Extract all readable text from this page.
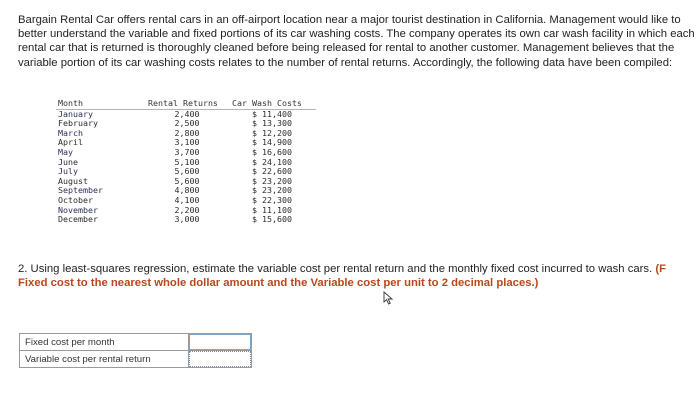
Bargain Rental Car offers rental cars in an off-airport location near a major tourist destination in California. Management would like to better understand the variable and fixed portions of its car washing costs. The company operates its own car wash facility in which each rental car that is returned is thoroughly cleaned before being released for rental to another customer. Management believes that the variable portion of its car washing costs relates to the number of rental returns. Accordingly, the following data have been compiled:
Month	Rental Returns	Car Wash Costs
January	2,400	$ 11,400
February	2,500	$ 13,300
March	2,800	$ 12,200
April	3,100	$ 14,900
May	3,700	$ 16,600
June	5,100	$ 24,100
July	5,600	$ 22,600
August	5,600	$ 23,200
September	4,800	$ 23,200
October	4,100	$ 22,300
November	2,200	$ 11,100
December	3,000	$ 15,600
2. Using least-squares regression, estimate the variable cost per rental return and the monthly fixed cost incurred to wash cars. (F
Fixed cost to the nearest whole dollar amount and the Variable cost per unit to 2 decimal places.)
Fixed cost per month	

Variable cost per rental return	
